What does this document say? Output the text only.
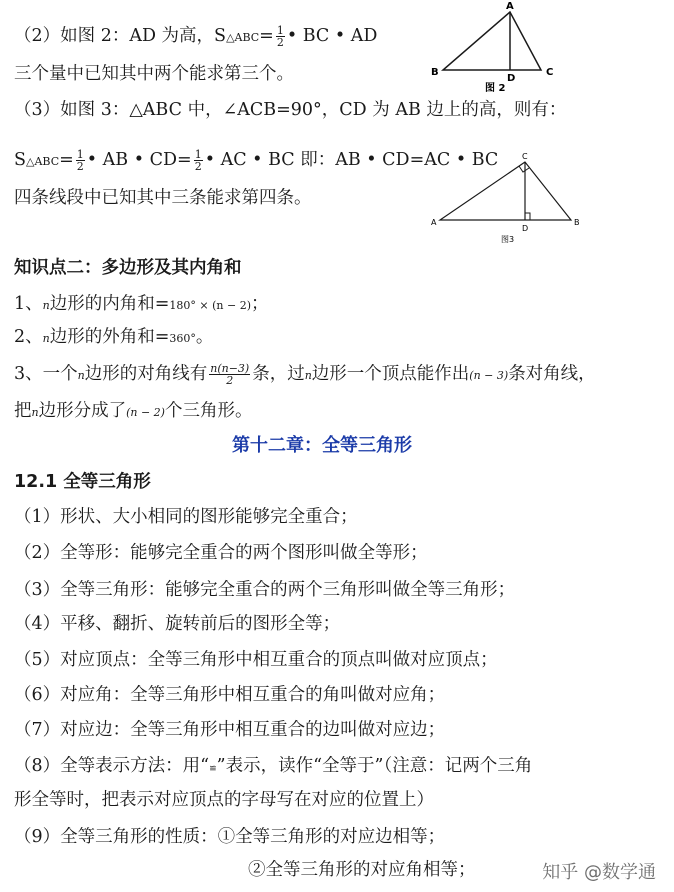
（2）如图 2：AD 为高，S△ABC= $\frac{1}{2}$ • BC • AD
三个量中已知其中两个能求第三个。
（3）如图 3：△ABC 中，∠ACB=90°，CD 为 AB 边上的高，则有：
S△ABC= $\frac{1}{2}$ • AB • $CD= \frac{1}{2}$ • AC • BC 即：AB • CD=AC • BC
四条线段中已知其中三条能求第四条。
A
B	C
D
图 2
C
A	B
D
图3
知识点二：多边形及其内角和
1、n边形的内角和=180° × (n − 2)；
2、n边形的外角和=360°。
3、一个n边形的对角线有 $\frac{n(n-3)}{2}$ 条，过n边形一个顶点能作出(n − 3)条对角线，
把n边形分成了(n − 2)个三角形。
第十二章：全等三角形
12.1 全等三角形
（1）形状、大小相同的图形能够完全重合；
（2）全等形：能够完全重合的两个图形叫做全等形；
（3）全等三角形：能够完全重合的两个三角形叫做全等三角形；
（4）平移、翻折、旋转前后的图形全等；
（5）对应顶点：全等三角形中相互重合的顶点叫做对应顶点；
（6）对应角：全等三角形中相互重合的角叫做对应角；
（7）对应边：全等三角形中相互重合的边叫做对应边；
（8）全等表示方法：用“≌”表示，读作“全等于”（注意：记两个三角
形全等时，把表示对应顶点的字母写在对应的位置上）
（9）全等三角形的性质：①全等三角形的对应边相等；
②全等三角形的对应角相等；	知乎 @数学通
